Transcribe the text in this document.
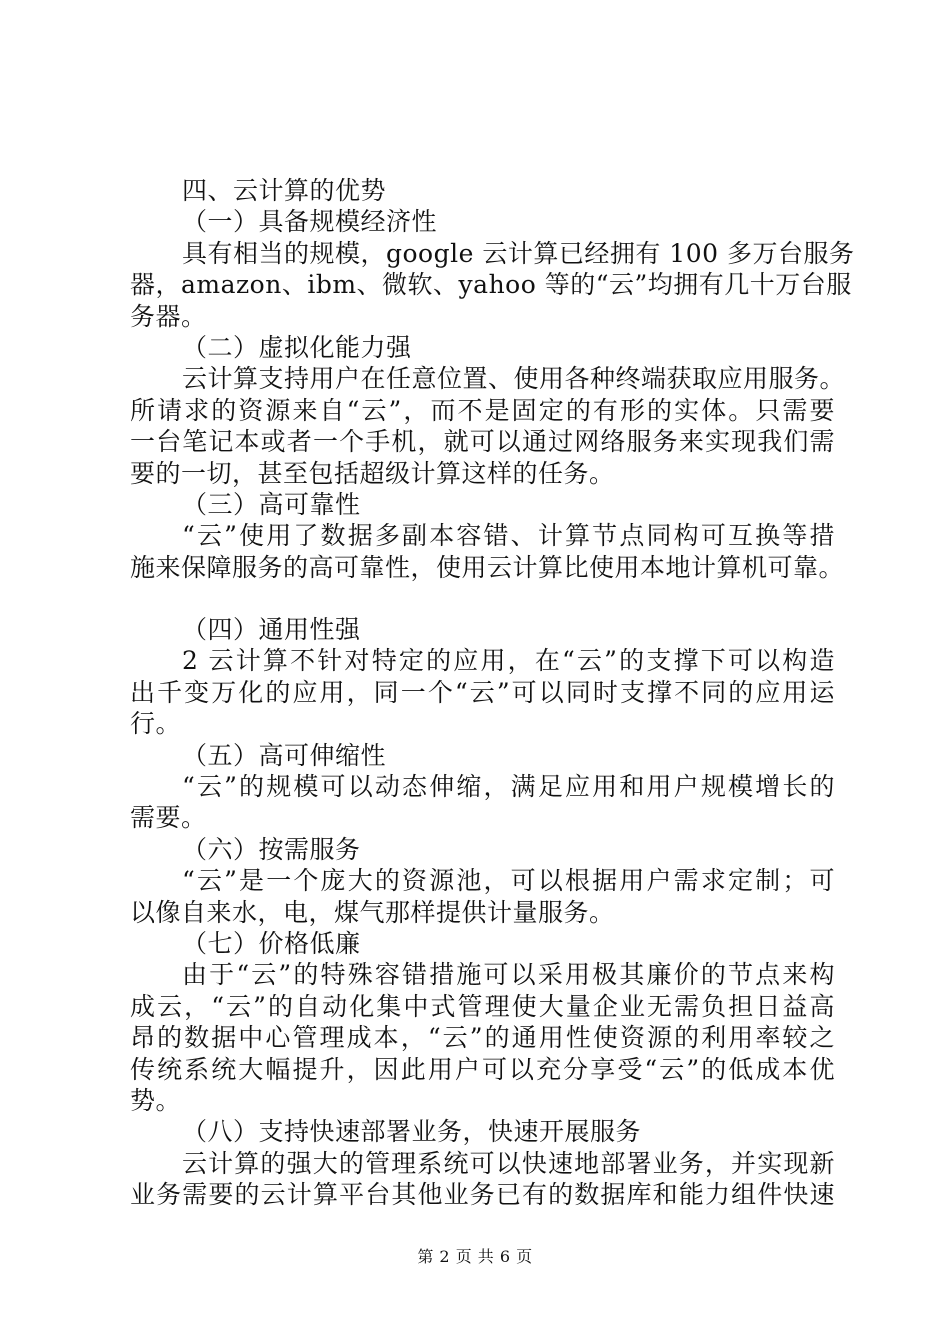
四、云计算的优势
（一）具备规模经济性
具有相当的规模，google 云计算已经拥有 100 多万台服务
器，amazon、ibm、微软、yahoo 等的“云”均拥有几十万台服
务器。
（二）虚拟化能力强
云计算支持用户在任意位置、使用各种终端获取应用服务。
所请求的资源来自“云”，而不是固定的有形的实体。只需要
一台笔记本或者一个手机，就可以通过网络服务来实现我们需
要的一切，甚至包括超级计算这样的任务。
（三）高可靠性
“云”使用了数据多副本容错、计算节点同构可互换等措
施来保障服务的高可靠性，使用云计算比使用本地计算机可靠。
（四）通用性强
2 云计算不针对特定的应用，在“云”的支撑下可以构造
出千变万化的应用，同一个“云”可以同时支撑不同的应用运
行。
（五）高可伸缩性
“云”的规模可以动态伸缩，满足应用和用户规模增长的
需要。
（六）按需服务
“云”是一个庞大的资源池，可以根据用户需求定制；可
以像自来水，电，煤气那样提供计量服务。
（七）价格低廉
由于“云”的特殊容错措施可以采用极其廉价的节点来构
成云，“云”的自动化集中式管理使大量企业无需负担日益高
昂的数据中心管理成本，“云”的通用性使资源的利用率较之
传统系统大幅提升，因此用户可以充分享受“云”的低成本优
势。
（八）支持快速部署业务，快速开展服务
云计算的强大的管理系统可以快速地部署业务，并实现新
业务需要的云计算平台其他业务已有的数据库和能力组件快速
第 2 页 共 6 页
